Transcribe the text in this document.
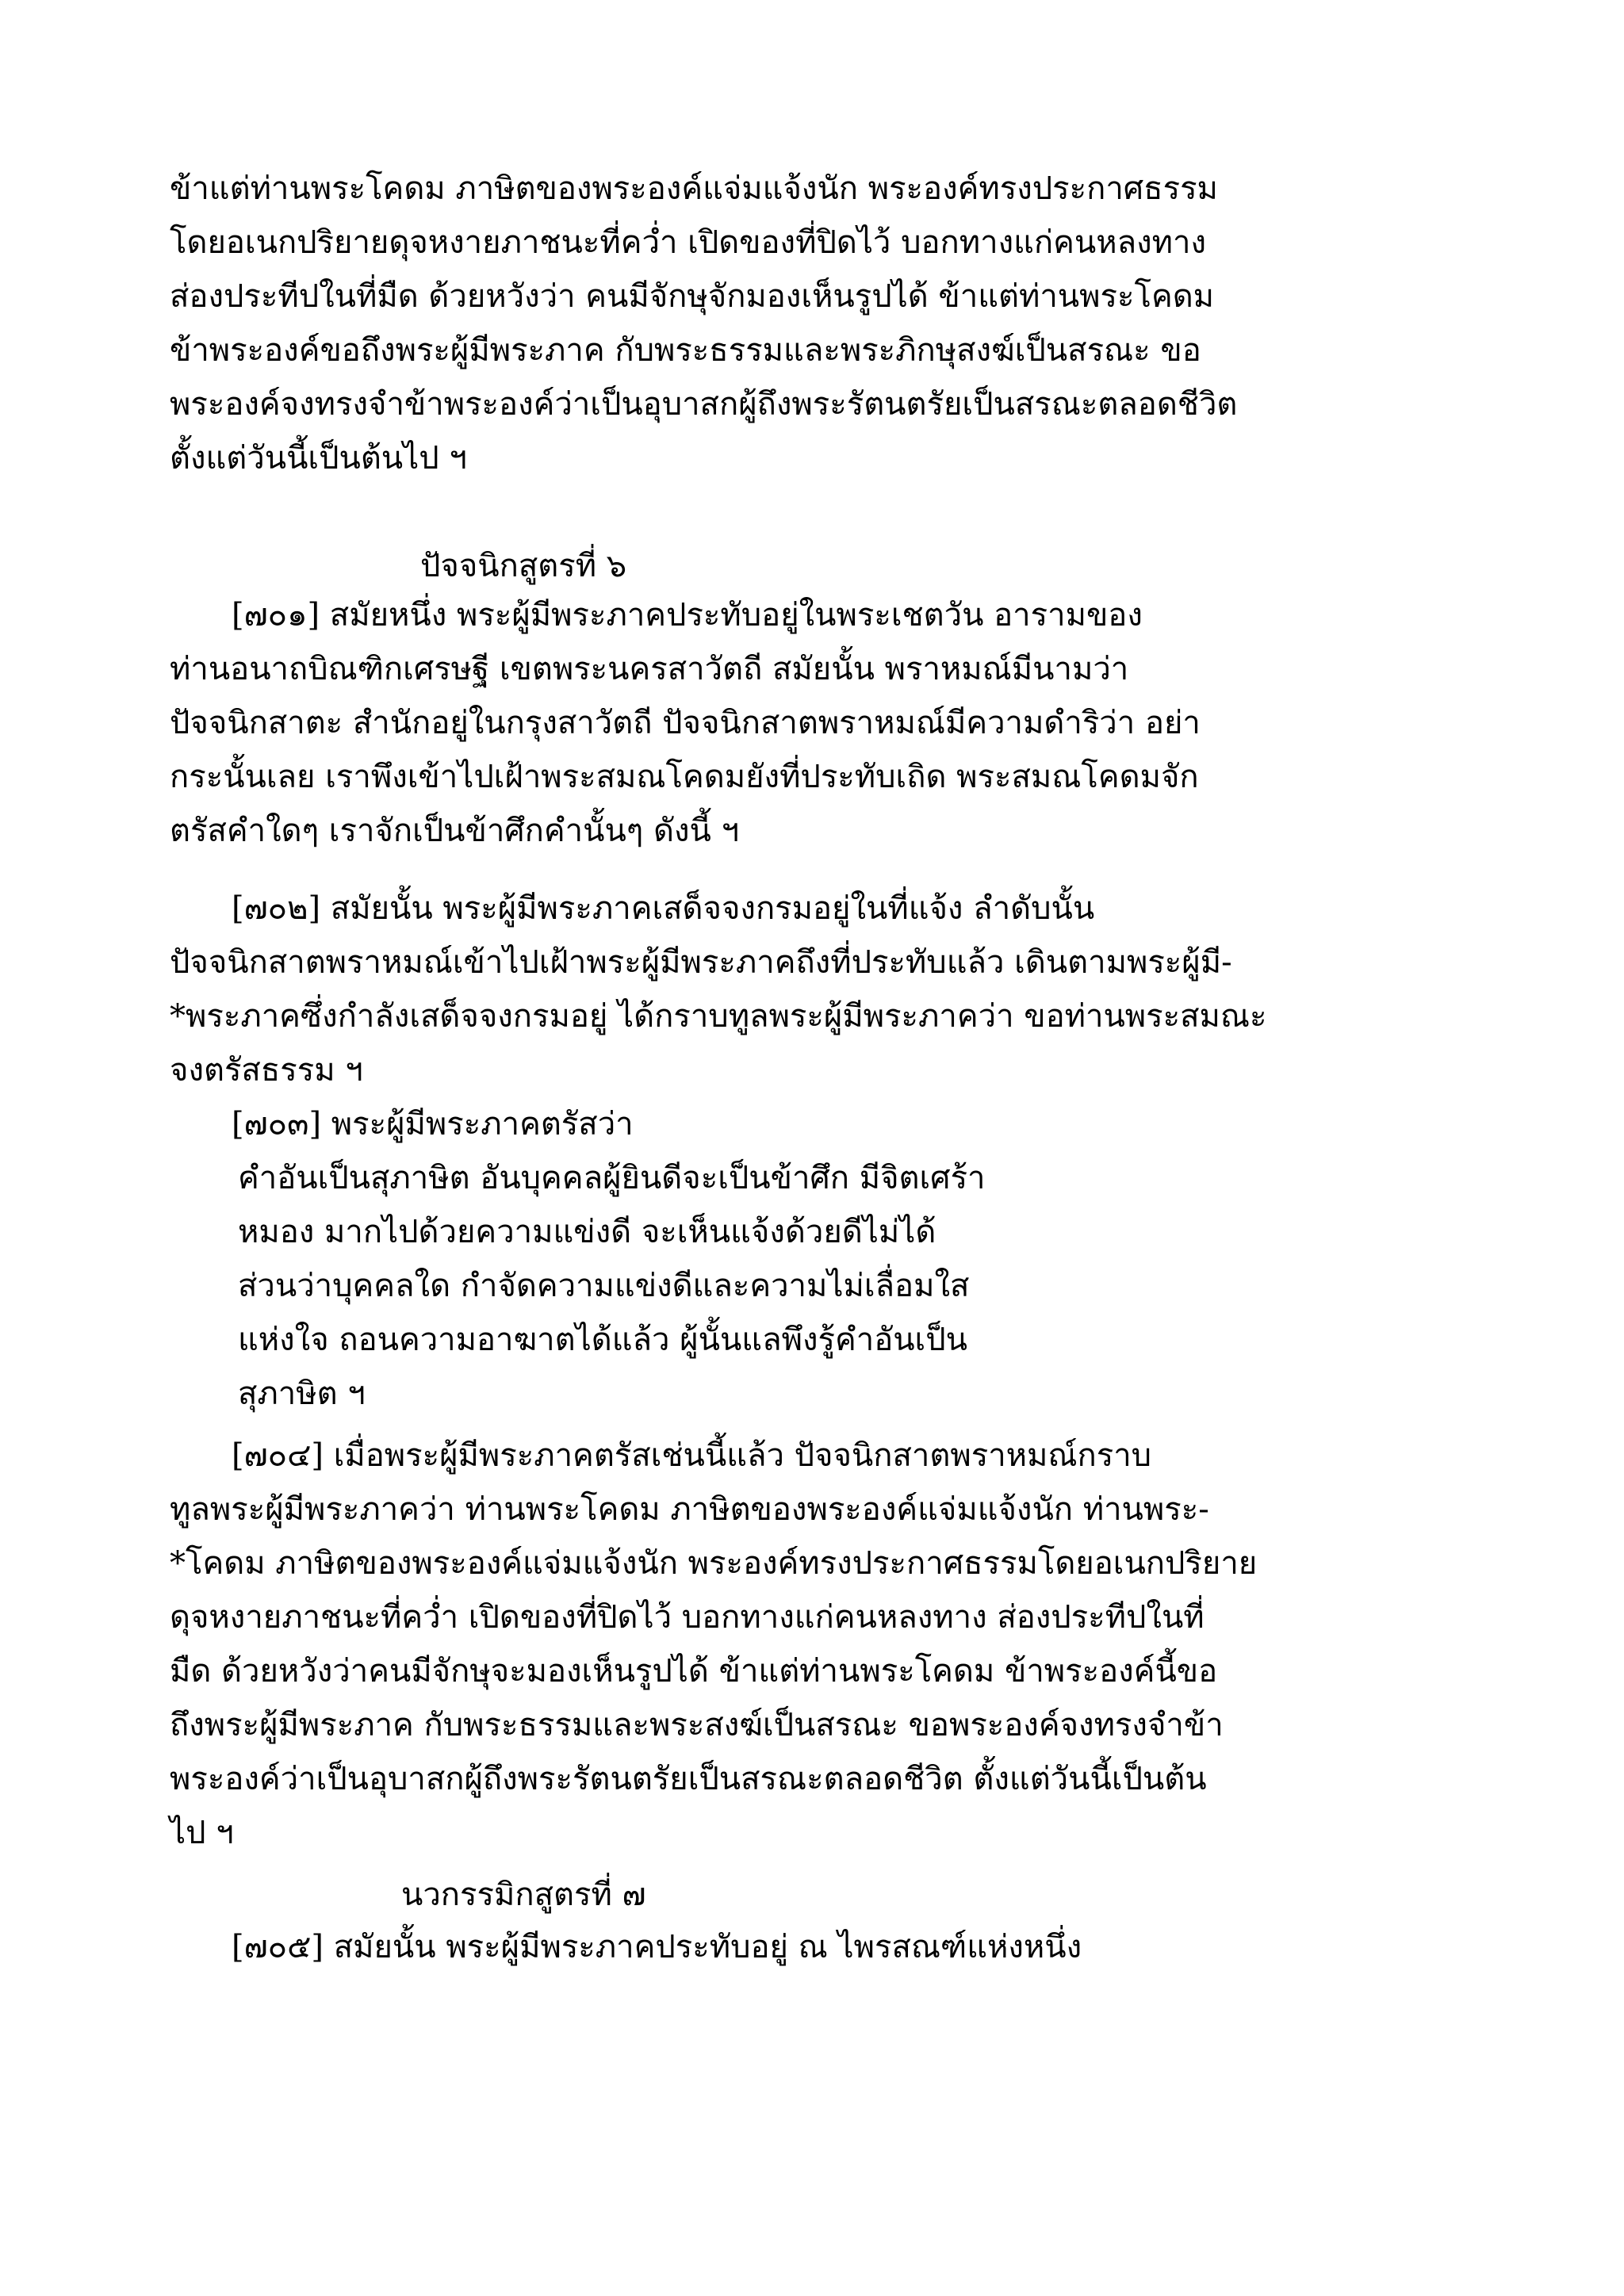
ข้าแต่ท่านพระโคดม ภาษิตของพระองค์แจ่มแจ้งนัก พระองค์ทรงประกาศธรรม
โดยอเนกปริยายดุจหงายภาชนะที่คว่ำ เปิดของที่ปิดไว้ บอกทางแก่คนหลงทาง
ส่องประทีปในที่มืด ด้วยหวังว่า คนมีจักษุจักมองเห็นรูปได้ ข้าแต่ท่านพระโคดม
ข้าพระองค์ขอถึงพระผู้มีพระภาค กับพระธรรมและพระภิกษุสงฆ์เป็นสรณะ ขอ
พระองค์จงทรงจำข้าพระองค์ว่าเป็นอุบาสกผู้ถึงพระรัตนตรัยเป็นสรณะตลอดชีวิต
ตั้งแต่วันนี้เป็นต้นไป ฯ
ปัจจนิกสูตรที่ ๖
[๗๐๑] สมัยหนึ่ง พระผู้มีพระภาคประทับอยู่ในพระเชตวัน อารามของ
ท่านอนาถบิณฑิกเศรษฐี เขตพระนครสาวัตถี สมัยนั้น พราหมณ์มีนามว่า
ปัจจนิกสาตะ สำนักอยู่ในกรุงสาวัตถี ปัจจนิกสาตพราหมณ์มีความดำริว่า อย่า
กระนั้นเลย เราพึงเข้าไปเฝ้าพระสมณโคดมยังที่ประทับเถิด พระสมณโคดมจัก
ตรัสคำใดๆ เราจักเป็นข้าศึกคำนั้นๆ ดังนี้ ฯ
[๗๐๒] สมัยนั้น พระผู้มีพระภาคเสด็จจงกรมอยู่ในที่แจ้ง ลำดับนั้น
ปัจจนิกสาตพราหมณ์เข้าไปเฝ้าพระผู้มีพระภาคถึงที่ประทับแล้ว เดินตามพระผู้มี-
*พระภาคซึ่งกำลังเสด็จจงกรมอยู่ ได้กราบทูลพระผู้มีพระภาคว่า ขอท่านพระสมณะ
จงตรัสธรรม ฯ
[๗๐๓] พระผู้มีพระภาคตรัสว่า
คำอันเป็นสุภาษิต อันบุคคลผู้ยินดีจะเป็นข้าศึก มีจิตเศร้า
หมอง มากไปด้วยความแข่งดี จะเห็นแจ้งด้วยดีไม่ได้
ส่วนว่าบุคคลใด กำจัดความแข่งดีและความไม่เลื่อมใส
แห่งใจ ถอนความอาฆาตได้แล้ว ผู้นั้นแลพึงรู้คำอันเป็น
สุภาษิต ฯ
[๗๐๔] เมื่อพระผู้มีพระภาคตรัสเช่นนี้แล้ว ปัจจนิกสาตพราหมณ์กราบ
ทูลพระผู้มีพระภาคว่า ท่านพระโคดม ภาษิตของพระองค์แจ่มแจ้งนัก ท่านพระ-
*โคดม ภาษิตของพระองค์แจ่มแจ้งนัก พระองค์ทรงประกาศธรรมโดยอเนกปริยาย
ดุจหงายภาชนะที่คว่ำ เปิดของที่ปิดไว้ บอกทางแก่คนหลงทาง ส่องประทีปในที่
มืด ด้วยหวังว่าคนมีจักษุจะมองเห็นรูปได้ ข้าแต่ท่านพระโคดม ข้าพระองค์นี้ขอ
ถึงพระผู้มีพระภาค กับพระธรรมและพระสงฆ์เป็นสรณะ ขอพระองค์จงทรงจำข้า
พระองค์ว่าเป็นอุบาสกผู้ถึงพระรัตนตรัยเป็นสรณะตลอดชีวิต ตั้งแต่วันนี้เป็นต้น
ไป ฯ
นวกรรมิกสูตรที่ ๗
[๗๐๕] สมัยนั้น พระผู้มีพระภาคประทับอยู่ ณ ไพรสณฑ์แห่งหนึ่ง
